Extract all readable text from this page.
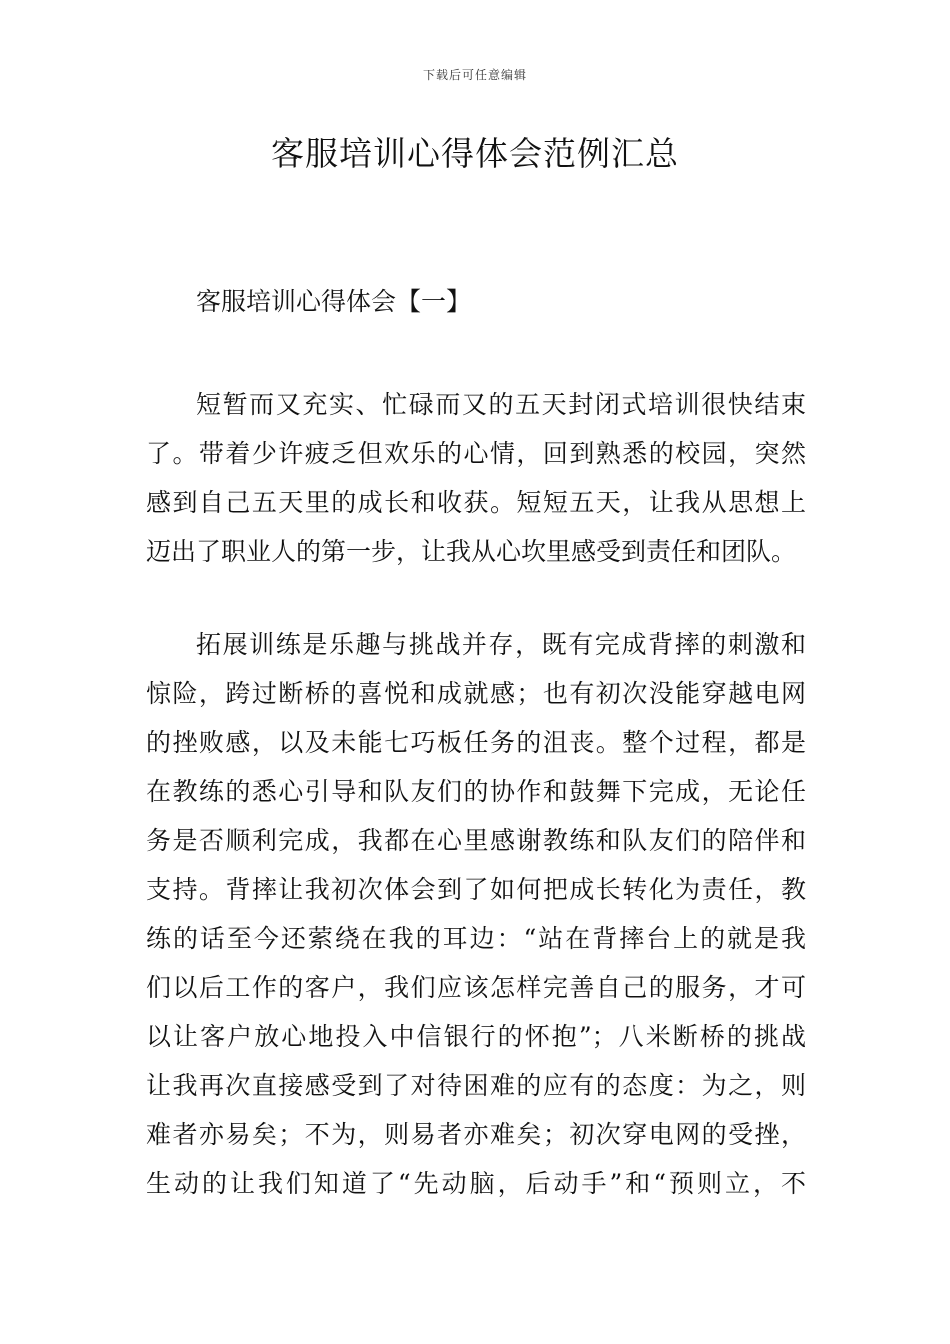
下载后可任意编辑
客服培训心得体会范例汇总
客服培训心得体会【一】
短暂而又充实、忙碌而又的五天封闭式培训很快结束
了。带着少许疲乏但欢乐的心情，回到熟悉的校园，突然
感到自己五天里的成长和收获。短短五天，让我从思想上
迈出了职业人的第一步，让我从心坎里感受到责任和团队。
拓展训练是乐趣与挑战并存，既有完成背摔的刺激和
惊险，跨过断桥的喜悦和成就感；也有初次没能穿越电网
的挫败感，以及未能七巧板任务的沮丧。整个过程，都是
在教练的悉心引导和队友们的协作和鼓舞下完成，无论任
务是否顺利完成，我都在心里感谢教练和队友们的陪伴和
支持。背摔让我初次体会到了如何把成长转化为责任，教
练的话至今还萦绕在我的耳边：“站在背摔台上的就是我
们以后工作的客户，我们应该怎样完善自己的服务，才可
以让客户放心地投入中信银行的怀抱”；八米断桥的挑战
让我再次直接感受到了对待困难的应有的态度：为之，则
难者亦易矣；不为，则易者亦难矣；初次穿电网的受挫，
生动的让我们知道了“先动脑，后动手”和“预则立，不
